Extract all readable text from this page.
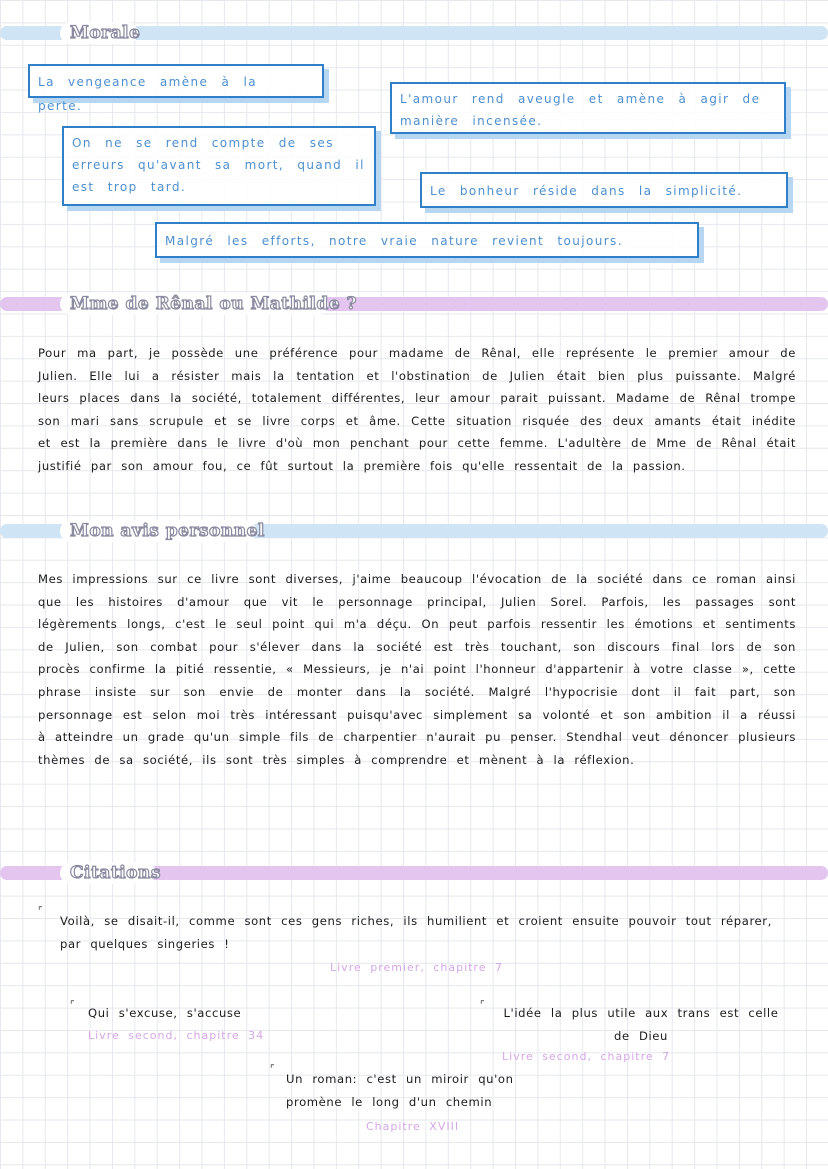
Morale
La vengeance amène à la perte.	L'amour rend aveugle et amène à agir de manière incensée.
On ne se rend compte de ses erreurs qu'avant sa mort, quand il est trop tard.	Le bonheur réside dans la simplicité.
Malgré les efforts, notre vraie nature revient toujours.
Mme de Rênal ou Mathilde ?
Pour ma part, je possède une préférence pour madame de Rênal, elle représente le premier amour de Julien. Elle lui a résister mais la tentation et l'obstination de Julien était bien plus puissante. Malgré leurs places dans la société, totalement différentes, leur amour parait puissant. Madame de Rênal trompe son mari sans scrupule et se livre corps et âme. Cette situation risquée des deux amants était inédite et est la première dans le livre d'où mon penchant pour cette femme. L'adultère de Mme de Rênal était justifié par son amour fou, ce fût surtout la première fois qu'elle ressentait de la passion.
Mon avis personnel
Mes impressions sur ce livre sont diverses, j'aime beaucoup l'évocation de la société dans ce roman ainsi que les histoires d'amour que vit le personnage principal, Julien Sorel. Parfois, les passages sont légèrements longs, c'est le seul point qui m'a déçu. On peut parfois ressentir les émotions et sentiments de Julien, son combat pour s'élever dans la société est très touchant, son discours final lors de son procès confirme la pitié ressentie, « Messieurs, je n'ai point l'honneur d'appartenir à votre classe », cette phrase insiste sur son envie de monter dans la société. Malgré l'hypocrisie dont il fait part, son personnage est selon moi très intéressant puisqu'avec simplement sa volonté et son ambition il a réussi à atteindre un grade qu'un simple fils de charpentier n'aurait pu penser. Stendhal veut dénoncer plusieurs thèmes de sa société, ils sont très simples à comprendre et mènent à la réflexion.
Citations
⌜
Voilà, se disait-il, comme sont ces gens riches, ils humilient et croient ensuite pouvoir tout réparer, par quelques singeries !
Livre premier, chapitre 7
⌜
Qui s'excuse, s'accuse
Livre second, chapitre 34
⌜
L'idée la plus utile aux trans est celle de Dieu
Livre second, chapitre 7
⌜
Un roman: c'est un miroir qu'on promène le long d'un chemin
Chapitre XVIII
